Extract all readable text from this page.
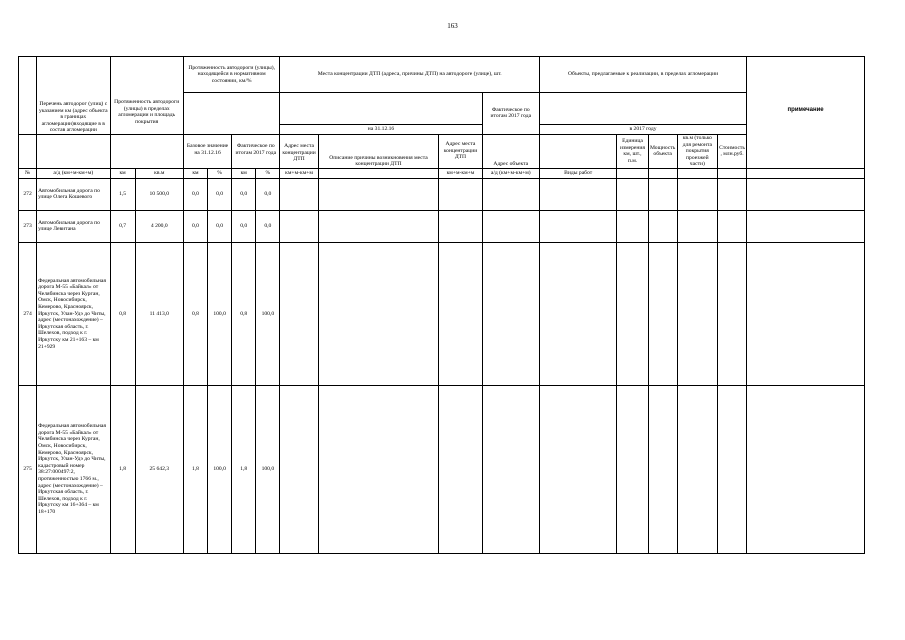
163
	Перечень автодорог (улиц) с указанием км (адрес объекта в границах агломерации)входящие в в состав агломерации	Протяженность автодороги (улицы) в пределах агломерации и площадь покрытия		Протяженность автодороги (улицы), находящейся в нормативном состоянии, км/%				Места концентрации ДТП (адреса, причины ДТП) на автодороге (улице), шт.				Объекты, предлагаемые к реализации, в пределах агломерации					примечание
											Фактическое по итогам 2017 года						

								на 31.12.16				в 2017 году					
				Базовое значение на 31.12.16		Фактическое по итогам 2017 года		Адрес места концентрации ДТП	Описание причины возникновения места концентрации ДТП	Адрес места концентрации ДТП	Адрес объекта		Единица измерения км, шт., п.м.	Мощность объекта	кв.м (только для ремонта покрытия проезжей части)	Стоимость, млн.руб.	
№	а/д (км+м-км+м)	км	кв.м	км	%	км	%	км+м-км+м		км+м-км+м	а/д (км+м-км+м)	Виды работ					
272	Автомобильная дорога по улице Олега Кошевого	1,5	10 500,0	0,0	0,0	0,0	0,0										
273	Автомобильная дорога по улице Левитана	0,7	4 200,0	0,0	0,0	0,0	0,0										
274	Федеральная автомобильная дорога М-55 «Байкал» от Челябинска через Курган, Омск, Новосибирск, Кемерово, Красноярск, Иркутск, Улан-Удэ до Читы, адрес (местонахождение) – Иркутская область, г. Шелехов, подход к г. Иркутску км 21+163 – км 21+929	0,8	11 413,0	0,8	100,0	0,8	100,0										
275	Федеральная автомобильная дорога М-55 «Байкал» от Челябинска через Курган, Омск, Новосибирск, Кемерово, Красноярск, Иркутск, Улан-Удэ до Читы, кадастровый номер 38:27:000497:2, протяженностью 1766 м., адрес (местонахождение) – Иркутская область, г. Шелехов, подход к г. Иркутску км 16+364 – км 18+170	1,8	25 642,3	1,8	100,0	1,8	100,0										
